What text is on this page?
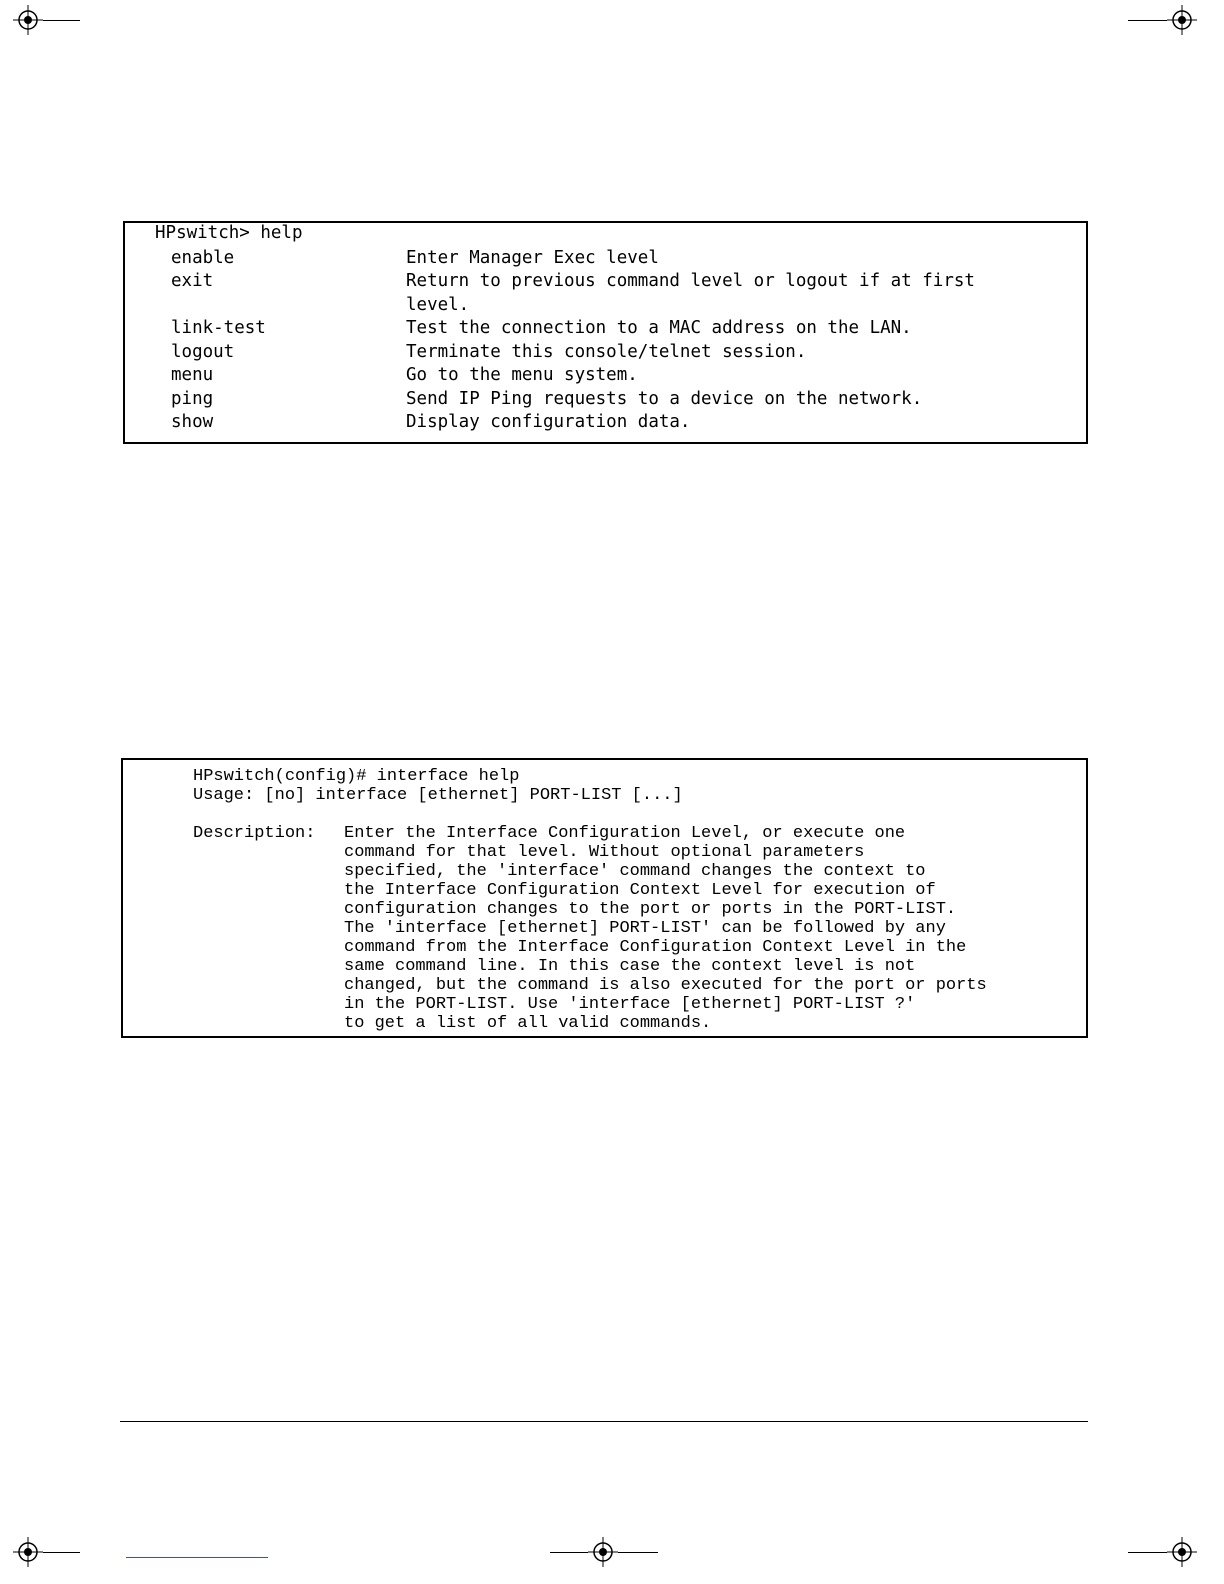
HPswitch> help
enable	Enter Manager Exec level
exit	Return to previous command level or logout if at first
level.
link-test	Test the connection to a MAC address on the LAN.
logout	Terminate this console/telnet session.
menu	Go to the menu system.
ping	Send IP Ping requests to a device on the network.
show	Display configuration data.
HPswitch(config)# interface help
Usage: [no] interface [ethernet] PORT-LIST [...]
Description: Enter the Interface Configuration Level, or execute one
command for that level. Without optional parameters
specified, the 'interface' command changes the context to
the Interface Configuration Context Level for execution of
configuration changes to the port or ports in the PORT-LIST.
The 'interface [ethernet] PORT-LIST' can be followed by any
command from the Interface Configuration Context Level in the
same command line. In this case the context level is not
changed, but the command is also executed for the port or ports
in the PORT-LIST. Use 'interface [ethernet] PORT-LIST ?'
to get a list of all valid commands.
